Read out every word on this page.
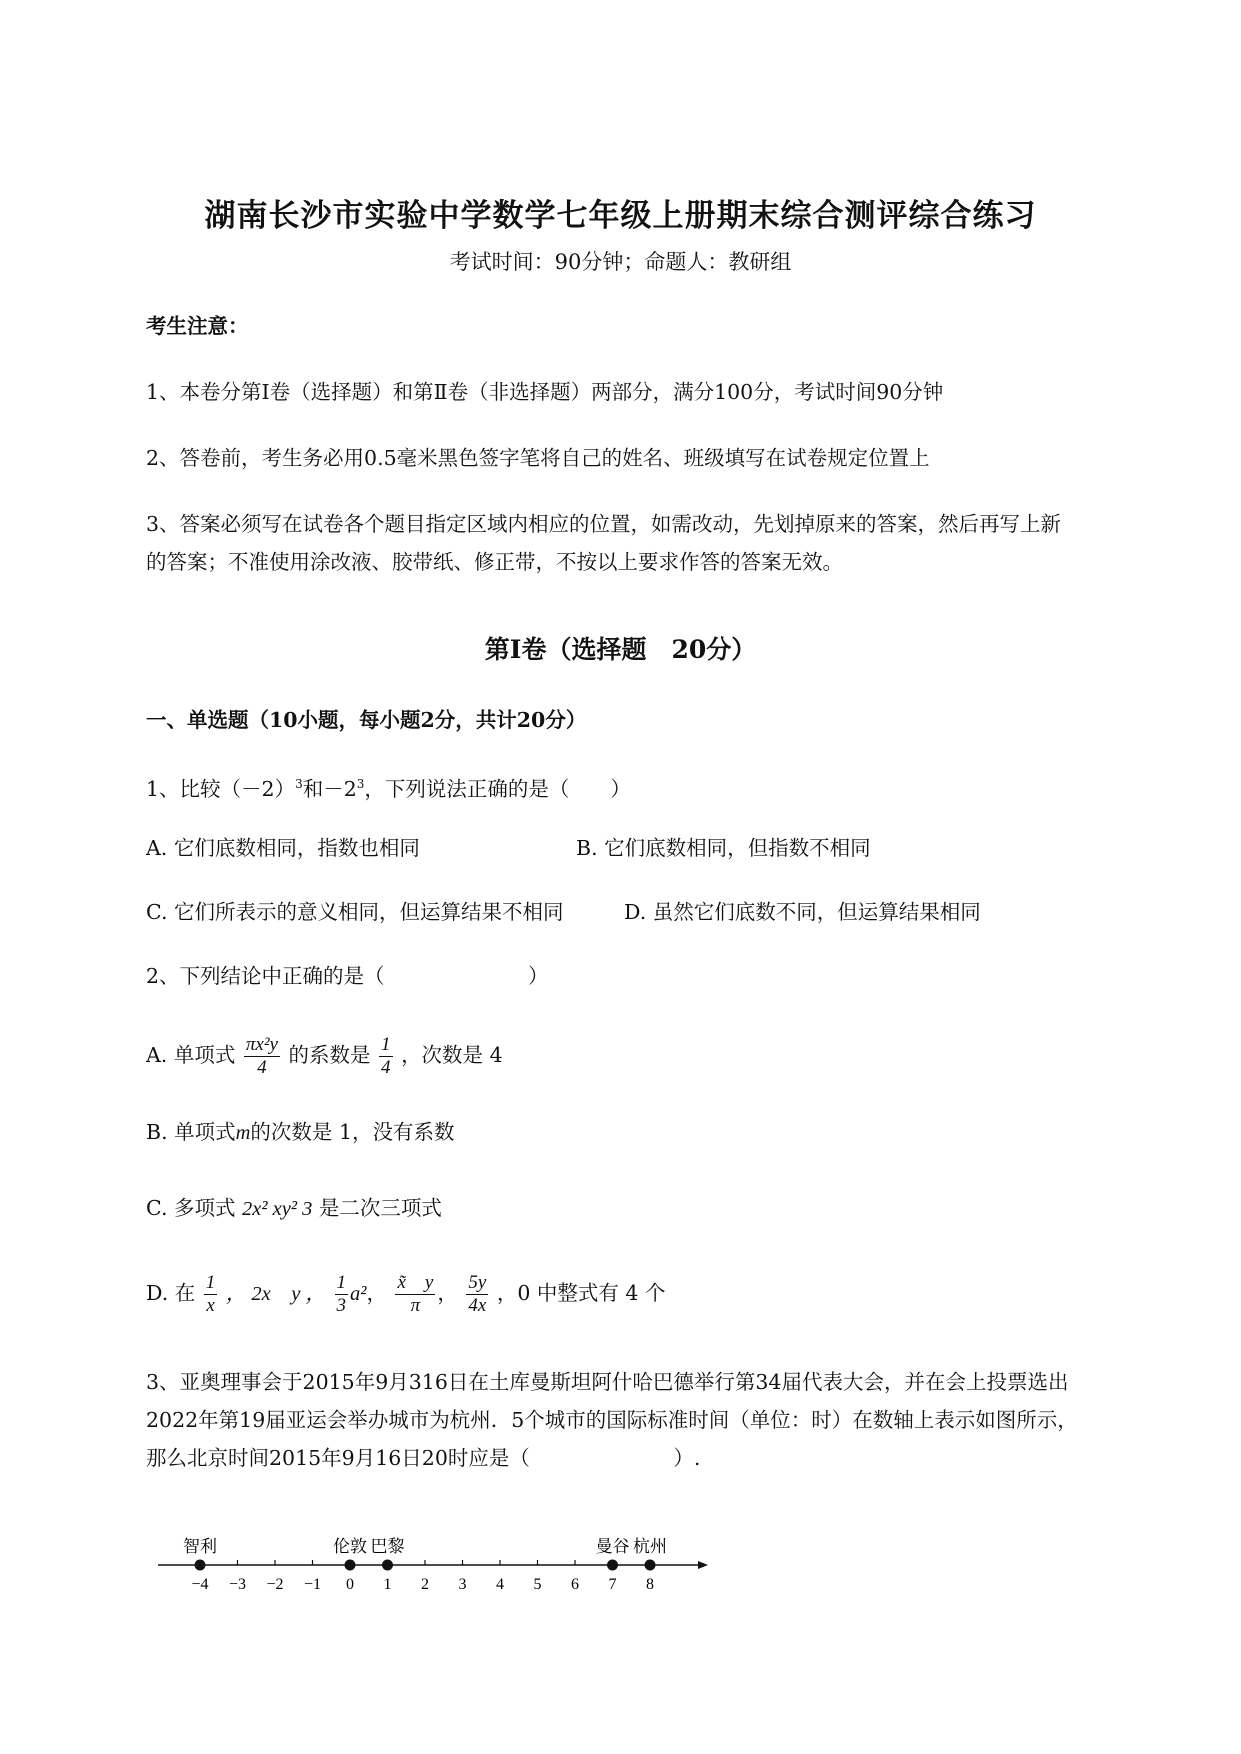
湖南长沙市实验中学数学七年级上册期末综合测评综合练习
考试时间：90分钟；命题人：教研组
考生注意：
1、本卷分第Ⅰ卷（选择题）和第Ⅱ卷（非选择题）两部分，满分100分，考试时间90分钟
2、答卷前，考生务必用0.5毫米黑色签字笔将自己的姓名、班级填写在试卷规定位置上
3、答案必须写在试卷各个题目指定区域内相应的位置，如需改动，先划掉原来的答案，然后再写上新
的答案；不准使用涂改液、胶带纸、修正带，不按以上要求作答的答案无效。
第Ⅰ卷（选择题　20分）
一、单选题（10小题，每小题2分，共计20分）
1、比较$(-2)^3$和$-2^3$，下列说法正确的是（　　）
A. 它们底数相同，指数也相同	B. 它们底数相同，但指数不相同
C. 它们所表示的意义相同，但运算结果不相同	D. 虽然它们底数不同，但运算结果相同
2、下列结论中正确的是（　　　　　　　）
A. 单项式 $\frac{\text{πx²y}}{4}$ 的系数是 $\frac{1}{4}$ ，次数是 4
B. 单项式m的次数是 1，没有系数
C. 多项式 2x² xy² 3 是二次三项式
D. 在 $\frac{1}{x}$ ， 2x　y ， $\frac{1}{3} a^2$， $\frac{x̃ y}{\pi}$ ， $\frac{5y}{4x}$ ，0 中整式有 4 个
3、亚奥理事会于2015年9月316日在土库曼斯坦阿什哈巴德举行第34届代表大会，并在会上投票选出
2022年第19届亚运会举办城市为杭州．5个城市的国际标准时间（单位：时）在数轴上表示如图所示，
那么北京时间2015年9月16日20时应是（　　　　　　　）.
−4 −3 −2 −1 0 1 2 3 4 5 6 7 8
智利	伦敦 巴黎	曼谷 杭州
